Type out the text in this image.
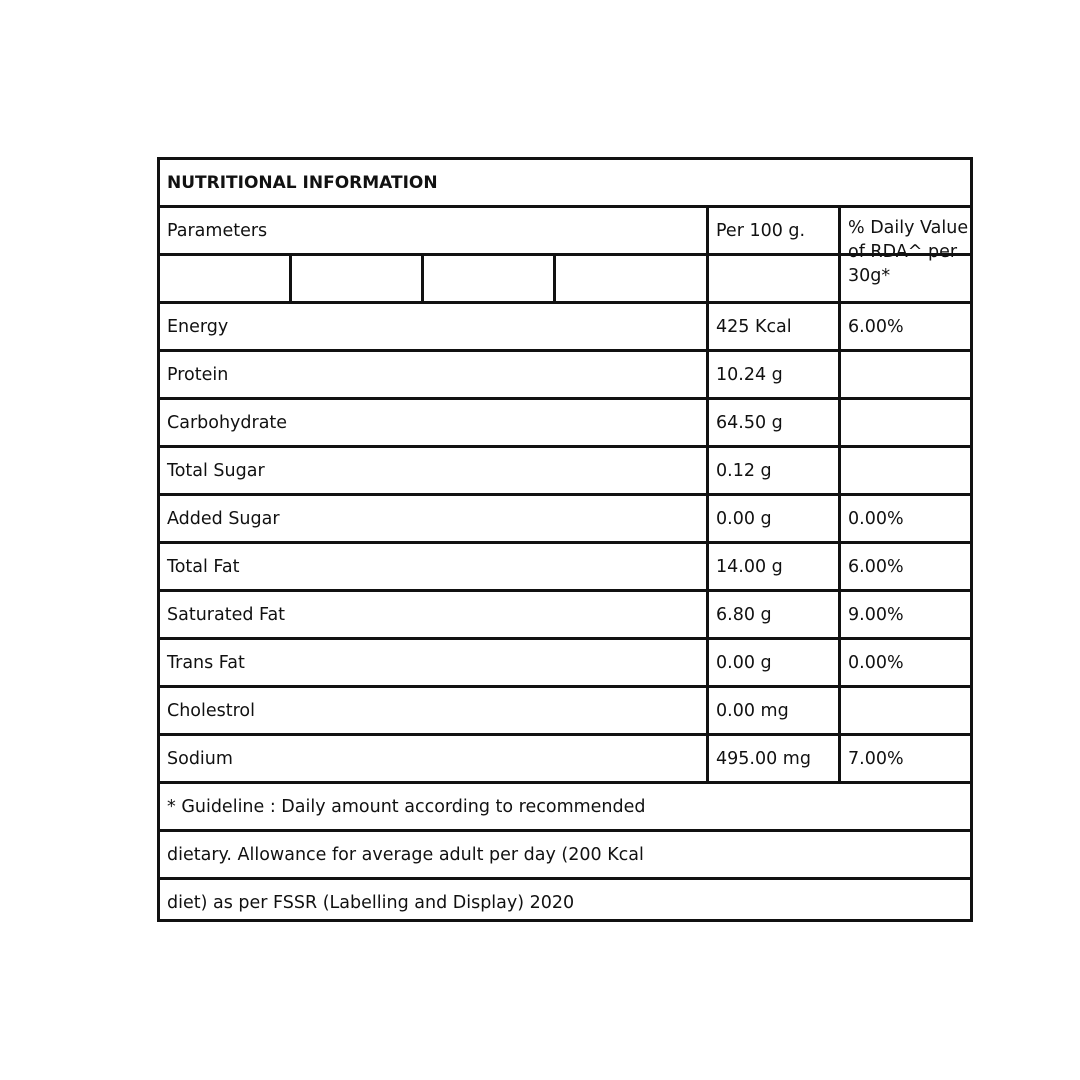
NUTRITIONAL INFORMATION
Parameters	Per 100 g.	% Daily Value of RDA^ per 30g*
Energy	425 Kcal	6.00%
Protein	10.24 g
Carbohydrate	64.50 g
Total Sugar	0.12 g
Added Sugar	0.00 g	0.00%
Total Fat	14.00 g	6.00%
Saturated Fat	6.80 g	9.00%
Trans Fat	0.00 g	0.00%
Cholestrol	0.00 mg
Sodium	495.00 mg	7.00%
* Guideline : Daily amount according to recommended
dietary. Allowance for average adult per day (200 Kcal
diet) as per FSSR (Labelling and Display) 2020
